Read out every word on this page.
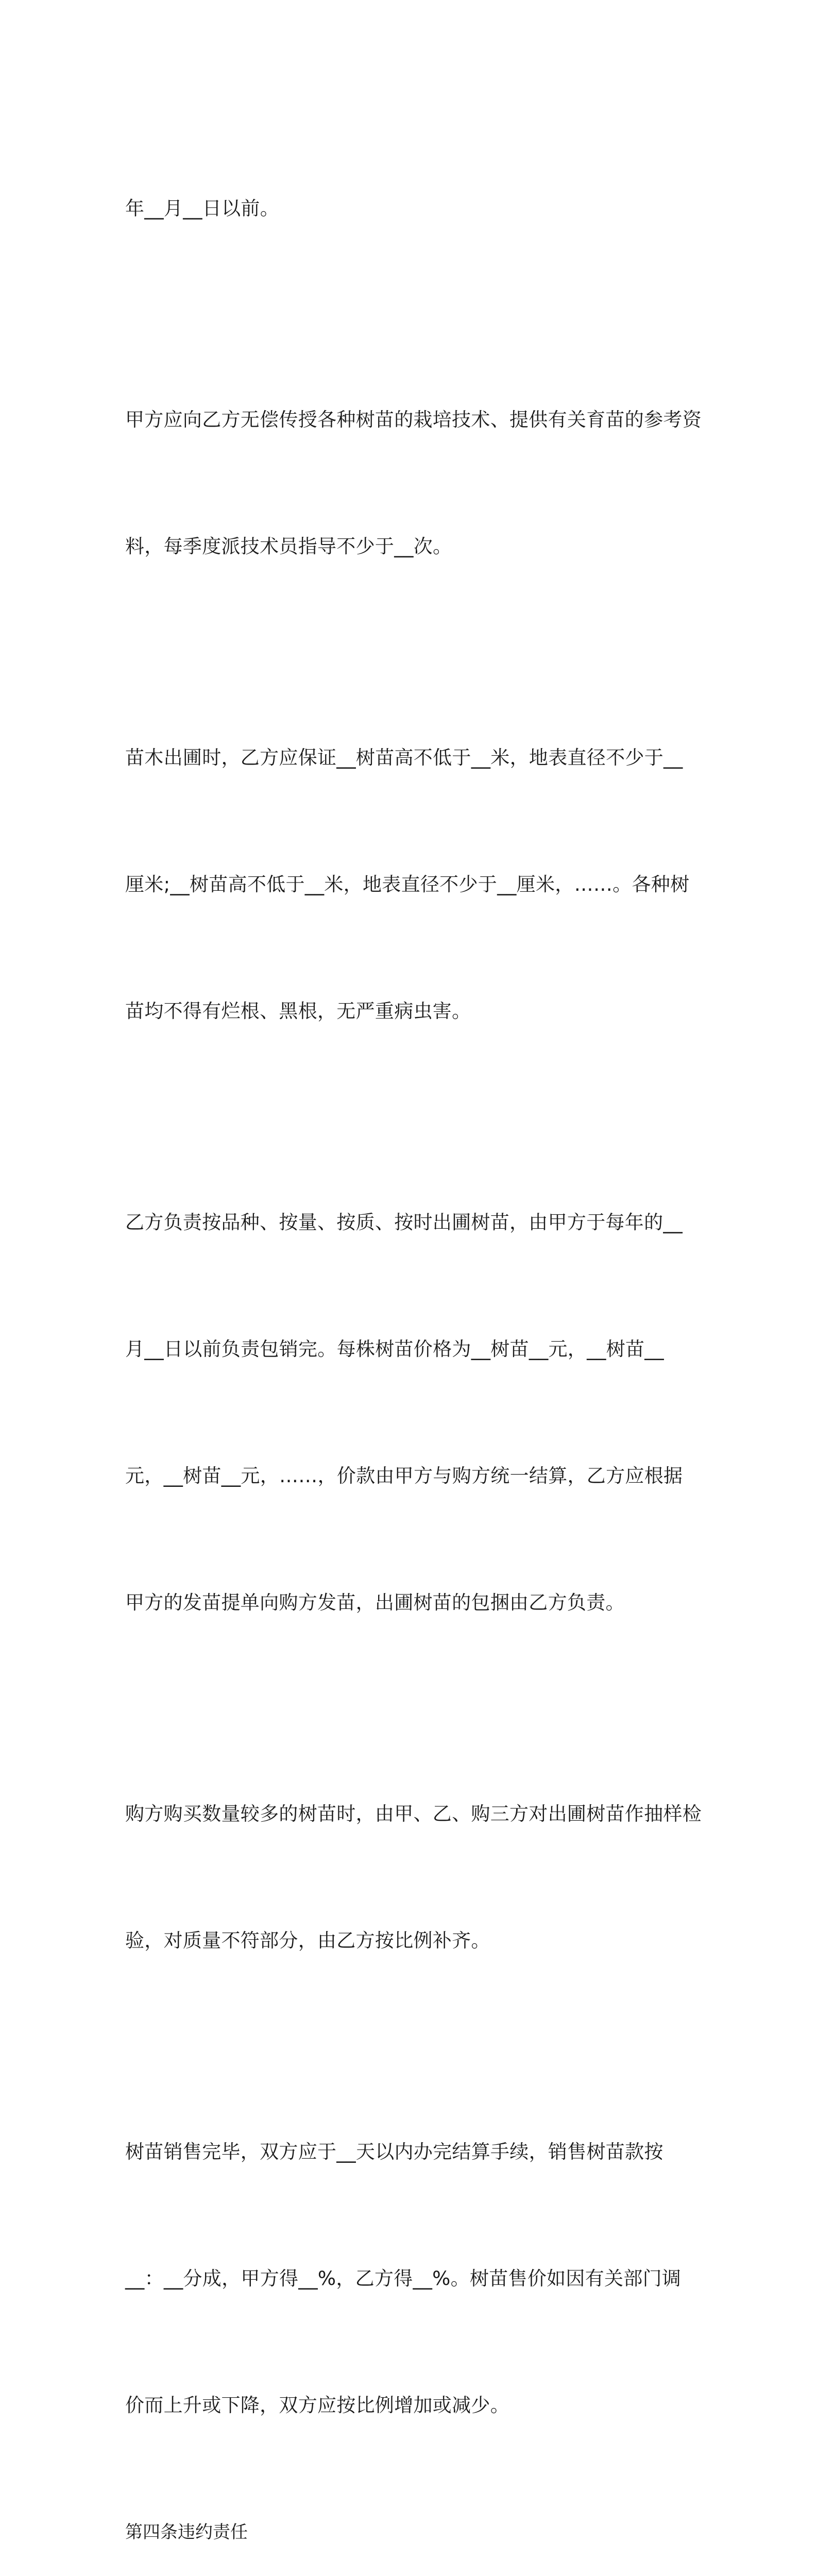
年__月__日以前。

甲方应向乙方无偿传授各种树苗的栽培技术、提供有关育苗的参考资

料，每季度派技术员指导不少于__次。

苗木出圃时，乙方应保证__树苗高不低于__米，地表直径不少于__

厘米;__树苗高不低于__米，地表直径不少于__厘米，……。各种树

苗均不得有烂根、黑根，无严重病虫害。

乙方负责按品种、按量、按质、按时出圃树苗，由甲方于每年的__

月__日以前负责包销完。每株树苗价格为__树苗__元，__树苗__

元，__树苗__元，……，价款由甲方与购方统一结算，乙方应根据

甲方的发苗提单向购方发苗，出圃树苗的包捆由乙方负责。

购方购买数量较多的树苗时，由甲、乙、购三方对出圃树苗作抽样检

验，对质量不符部分，由乙方按比例补齐。

树苗销售完毕，双方应于__天以内办完结算手续，销售树苗款按

__：__分成，甲方得__%，乙方得__%。树苗售价如因有关部门调

价而上升或下降，双方应按比例增加或减少。

第四条违约责任
